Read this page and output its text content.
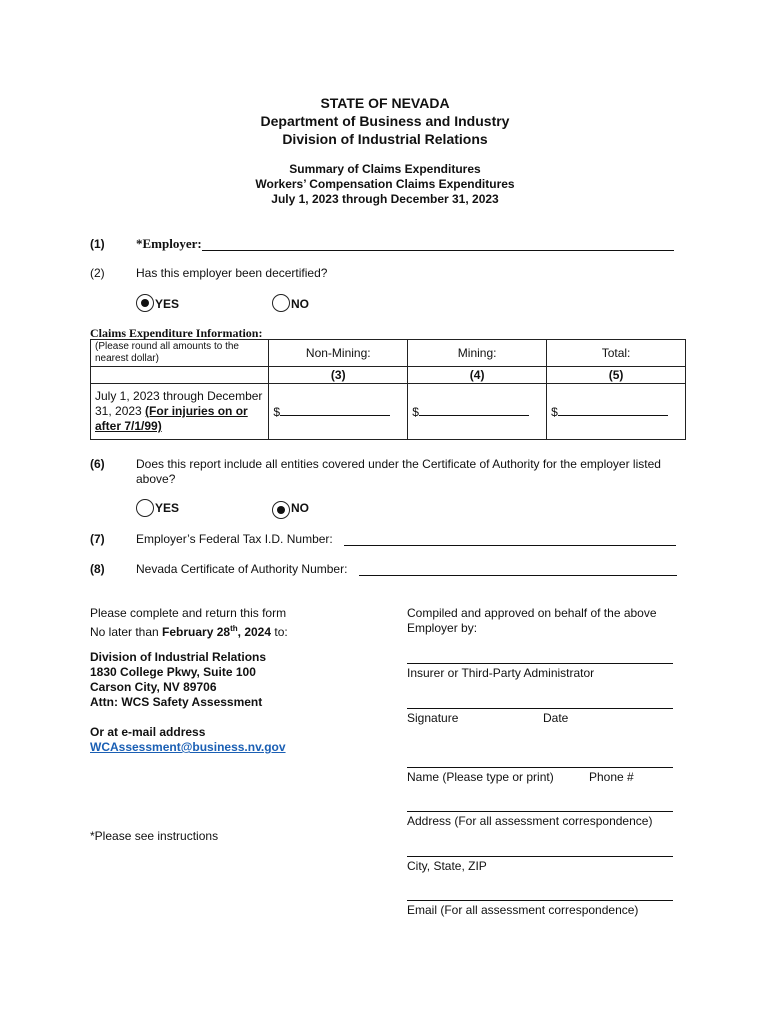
STATE OF NEVADA
Department of Business and Industry
Division of Industrial Relations
Summary of Claims Expenditures
Workers’ Compensation Claims Expenditures
July 1, 2023 through December 31, 2023
(1) *Employer:
(2)	Has this employer been decertified?
YES	NO
Claims Expenditure Information:
(Please round all amounts to the nearest dollar)	Non-Mining:	Mining:	Total:
	(3)	(4)	(5)
July 1, 2023 through December 31, 2023 (For injuries on or after 7/1/99)	$	$	$
(6)	Does this report include all entities covered under the Certificate of Authority for the employer listed above?
YES	NO
(7)	Employer’s Federal Tax I.D. Number:
(8)	Nevada Certificate of Authority Number:
Please complete and return this form
No later than February 28th, 2024 to:
Division of Industrial Relations
1830 College Pkwy, Suite 100
Carson City, NV 89706
Attn: WCS Safety Assessment
Or at e-mail address
WCAssessment@business.nv.gov
*Please see instructions
Compiled and approved on behalf of the above
Employer by:
Insurer or Third-Party Administrator
Signature	Date
Name (Please type or print)	Phone #
Address (For all assessment correspondence)
City, State, ZIP
Email (For all assessment correspondence)
